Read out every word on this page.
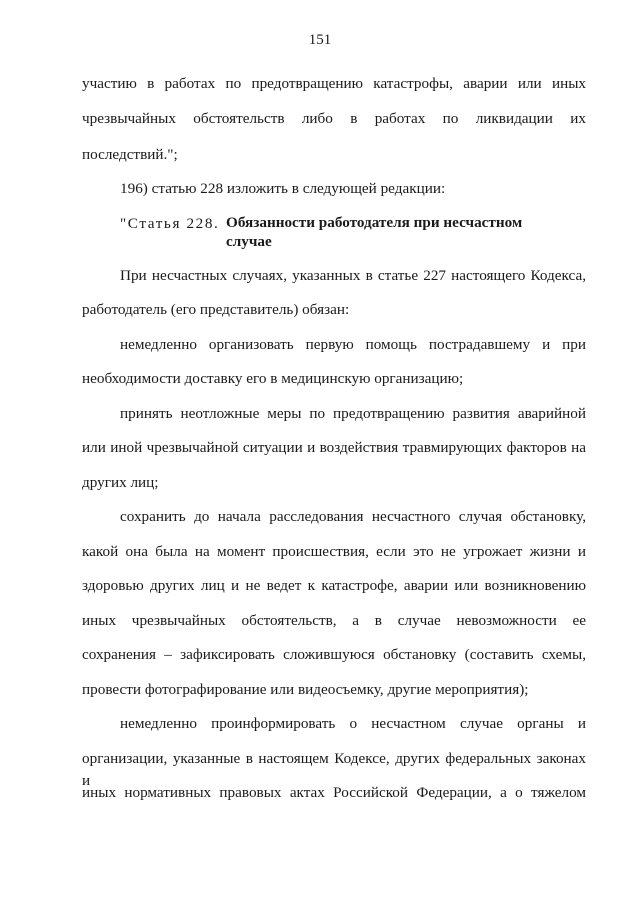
151
участию в работах по предотвращению катастрофы, аварии или иных
чрезвычайных обстоятельств либо в работах по ликвидации их
последствий.";
196) статью 228 изложить в следующей редакции:
"Статья 228. Обязанности работодателя при несчастном
случае
При несчастных случаях, указанных в статье 227 настоящего Кодекса,
работодатель (его представитель) обязан:
немедленно организовать первую помощь пострадавшему и при
необходимости доставку его в медицинскую организацию;
принять неотложные меры по предотвращению развития аварийной
или иной чрезвычайной ситуации и воздействия травмирующих факторов на
других лиц;
сохранить до начала расследования несчастного случая обстановку,
какой она была на момент происшествия, если это не угрожает жизни и
здоровью других лиц и не ведет к катастрофе, аварии или возникновению
иных чрезвычайных обстоятельств, а в случае невозможности ее
сохранения – зафиксировать сложившуюся обстановку (составить схемы,
провести фотографирование или видеосъемку, другие мероприятия);
немедленно проинформировать о несчастном случае органы и
организации, указанные в настоящем Кодексе, других федеральных законах и
иных нормативных правовых актах Российской Федерации, а о тяжелом
